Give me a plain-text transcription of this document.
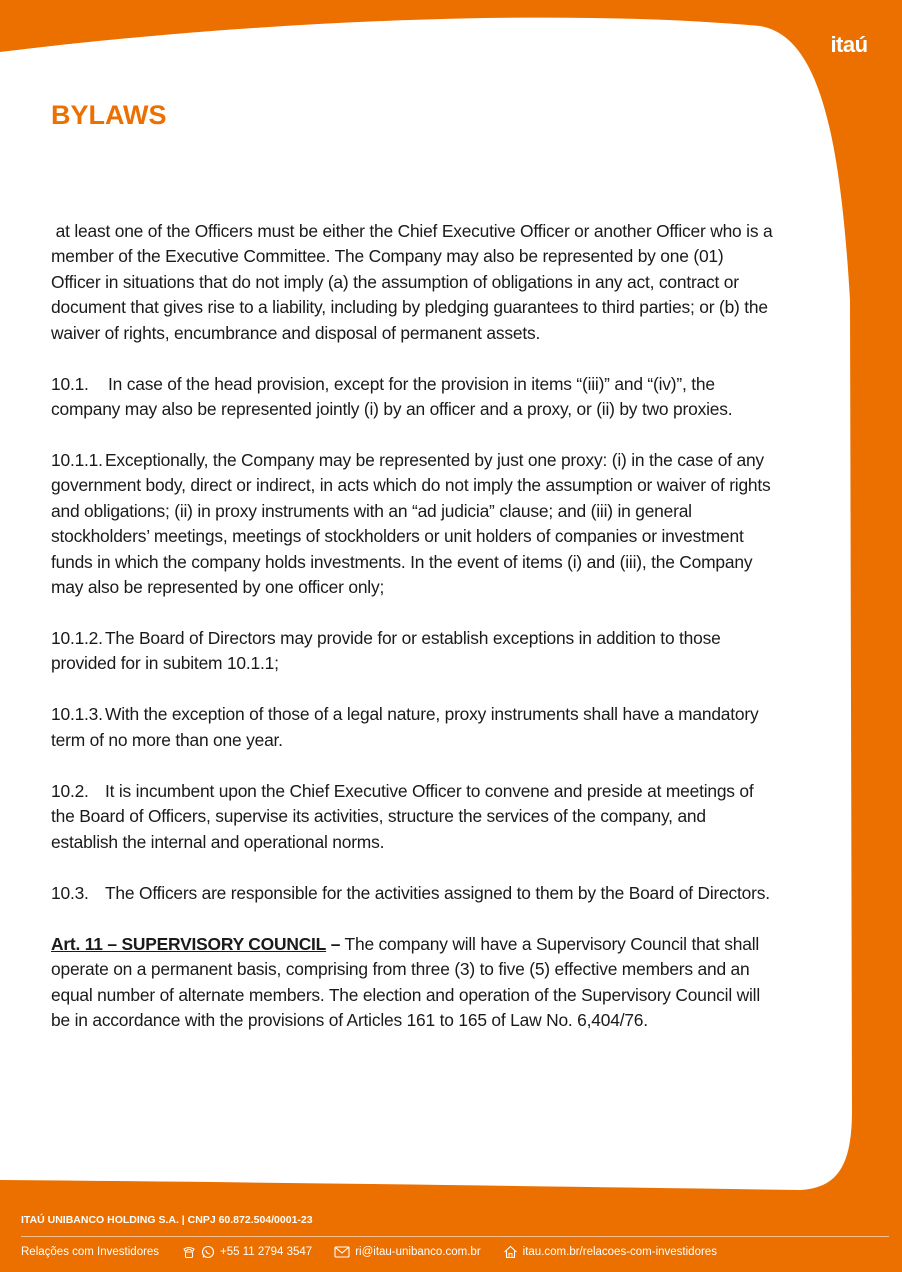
itaú
BYLAWS

at least one of the Officers must be either the Chief Executive Officer or another Officer who is a member of the Executive Committee. The Company may also be represented by one (01) Officer in situations that do not imply (a) the assumption of obligations in any act, contract or document that gives rise to a liability, including by pledging guarantees to third parties; or (b) the waiver of rights, encumbrance and disposal of permanent assets.

10.1. In case of the head provision, except for the provision in items “(iii)” and “(iv)”, the company may also be represented jointly (i) by an officer and a proxy, or (ii) by two proxies.

10.1.1. Exceptionally, the Company may be represented by just one proxy: (i) in the case of any government body, direct or indirect, in acts which do not imply the assumption or waiver of rights and obligations; (ii) in proxy instruments with an “ad judicia” clause; and (iii) in general stockholders’ meetings, meetings of stockholders or unit holders of companies or investment funds in which the company holds investments. In the event of items (i) and (iii), the Company may also be represented by one officer only;

10.1.2. The Board of Directors may provide for or establish exceptions in addition to those provided for in subitem 10.1.1;

10.1.3. With the exception of those of a legal nature, proxy instruments shall have a mandatory term of no more than one year.

10.2. It is incumbent upon the Chief Executive Officer to convene and preside at meetings of the Board of Officers, supervise its activities, structure the services of the company, and establish the internal and operational norms.

10.3. The Officers are responsible for the activities assigned to them by the Board of Directors.

Art. 11 – SUPERVISORY COUNCIL – The company will have a Supervisory Council that shall operate on a permanent basis, comprising from three (3) to five (5) effective members and an equal number of alternate members. The election and operation of the Supervisory Council will be in accordance with the provisions of Articles 161 to 165 of Law No. 6,404/76.

ITAÚ UNIBANCO HOLDING S.A. | CNPJ 60.872.504/0001-23
Relações com Investidores	+55 11 2794 3547	ri@itau-unibanco.com.br	itau.com.br/relacoes-com-investidores
